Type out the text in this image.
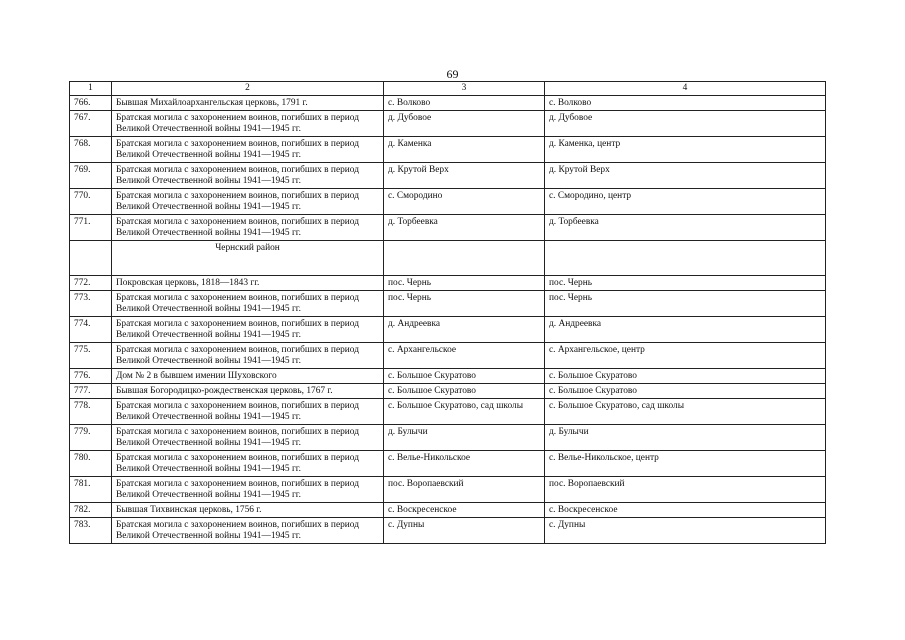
69
1	2	3	4
766.	Бывшая Михайлоархангельская церковь, 1791 г.	с. Волково	с. Волково
767.	Братская могила с захоронением воинов, погибших в период Великой Отечественной войны 1941—1945 гг.	д. Дубовое	д. Дубовое
768.	Братская могила с захоронением воинов, погибших в период Великой Отечественной войны 1941—1945 гг.	д. Каменка	д. Каменка, центр
769.	Братская могила с захоронением воинов, погибших в период Великой Отечественной войны 1941—1945 гг.	д. Крутой Верх	д. Крутой Верх
770.	Братская могила с захоронением воинов, погибших в период Великой Отечественной войны 1941—1945 гг.	с. Смородино	с. Смородино, центр
771.	Братская могила с захоронением воинов, погибших в период Великой Отечественной войны 1941—1945 гг.	д. Торбеевка	д. Торбеевка
	Чернский район		
772.	Покровская церковь, 1818—1843 гг.	пос. Чернь	пос. Чернь
773.	Братская могила с захоронением воинов, погибших в период Великой Отечественной войны 1941—1945 гг.	пос. Чернь	пос. Чернь
774.	Братская могила с захоронением воинов, погибших в период Великой Отечественной войны 1941—1945 гг.	д. Андреевка	д. Андреевка
775.	Братская могила с захоронением воинов, погибших в период Великой Отечественной войны 1941—1945 гг.	с. Архангельское	с. Архангельское, центр
776.	Дом № 2 в бывшем имении Шуховского	с. Большое Скуратово	с. Большое Скуратово
777.	Бывшая Богородицко-рождественская церковь, 1767 г.	с. Большое Скуратово	с. Большое Скуратово
778.	Братская могила с захоронением воинов, погибших в период Великой Отечественной войны 1941—1945 гг.	с. Большое Скуратово, сад школы	с. Большое Скуратово, сад школы
779.	Братская могила с захоронением воинов, погибших в период Великой Отечественной войны 1941—1945 гг.	д. Булычи	д. Булычи
780.	Братская могила с захоронением воинов, погибших в период Великой Отечественной войны 1941—1945 гг.	с. Велье-Никольское	с. Велье-Никольское, центр
781.	Братская могила с захоронением воинов, погибших в период Великой Отечественной войны 1941—1945 гг.	пос. Воропаевский	пос. Воропаевский
782.	Бывшая Тихвинская церковь, 1756 г.	с. Воскресенское	с. Воскресенское
783.	Братская могила с захоронением воинов, погибших в период Великой Отечественной войны 1941—1945 гг.	с. Дупны	с. Дупны
